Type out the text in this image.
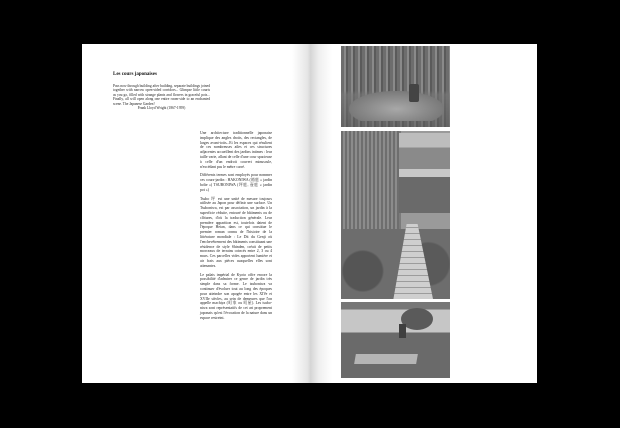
Les cours japonaises
Pass now through building after building, separate buildings joined together with narrow open-sided corridors... Glimpse little courts as you go, filled with strange plants and flowers in graceful pots... Finally, all will open along one entire room-side to an enchanted scene. The Japanese Garden!
Frank Lloyd Wright (1867-1959)

Une architecture traditionnelle japonaise implique des angles droits, des rectangles, de larges avant-toits...Et les espaces qui résultent de ces nombreuses ailes et ces structures adjacentes accueillent des jardins intimes : leur taille varie, allant de celle d'une cour spacieuse à celle d'un endroit couvert minuscule, n'excédant pas le mètre carré.

Différents termes sont employés pour nommer ces cours-jardin : HAKONIWA (箱庭 « jardin boîte ») TSUBONIWA (坪庭, 壺庭 « jardin pot »)

Tsubo 坪 est une unité de mesure toujours utilisée au Japon pour définir une surface. Un Tsuboniwa, est par association, un jardin à la superficie réduite, entouré de bâtiments ou de clôtures, d'où la traduction générale. Leur première apparition est, toutefois datent de l'époque Heian, dans ce qui constitue le premier roman connu de l'histoire de la littérature mondiale : Le Dit du Genji où l'enchevêtrement des bâtiments constituant une résidence de style Shinden, créait de petits morceaux de terrains coincés entre 2, 3 ou 4 murs. Ces parcelles vides apportent lumière et air frais aux pièces auxquelles elles sont attenantes.

Le palais impérial de Kyoto offre encore la possibilité d'admirer ce genre de jardin très simple dans sa forme. Le tsuboniwa va continuer d'évoluer tout au long des époques pour atteindre son apogée entre les XIVe et XVIIe siècles, au sein de demeures que l'on appelle machiya (町家 ou 町屋). Les tsubo-niwa sont représentatifs de cet art proprement japonais qu'est l'évocation de la nature dans un espace restreint.
